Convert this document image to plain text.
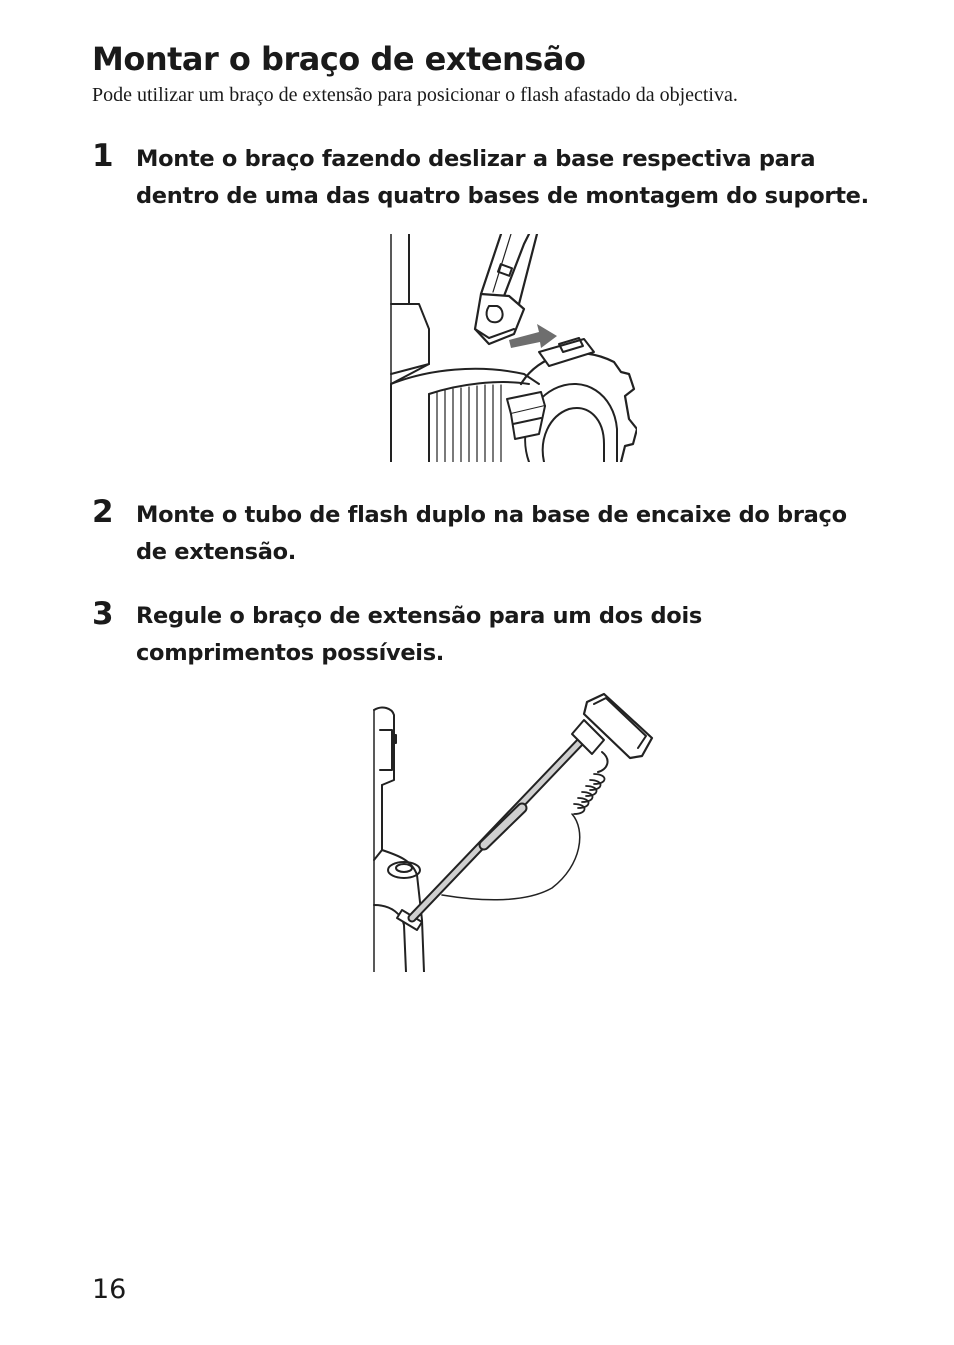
Montar o braço de extensão

Pode utilizar um braço de extensão para posicionar o flash afastado da objectiva.

1 Monte o braço fazendo deslizar a base respectiva para
dentro de uma das quatro bases de montagem do suporte.
2 Monte o tubo de flash duplo na base de encaixe do braço
de extensão.
3 Regule o braço de extensão para um dos dois
comprimentos possíveis.
16
